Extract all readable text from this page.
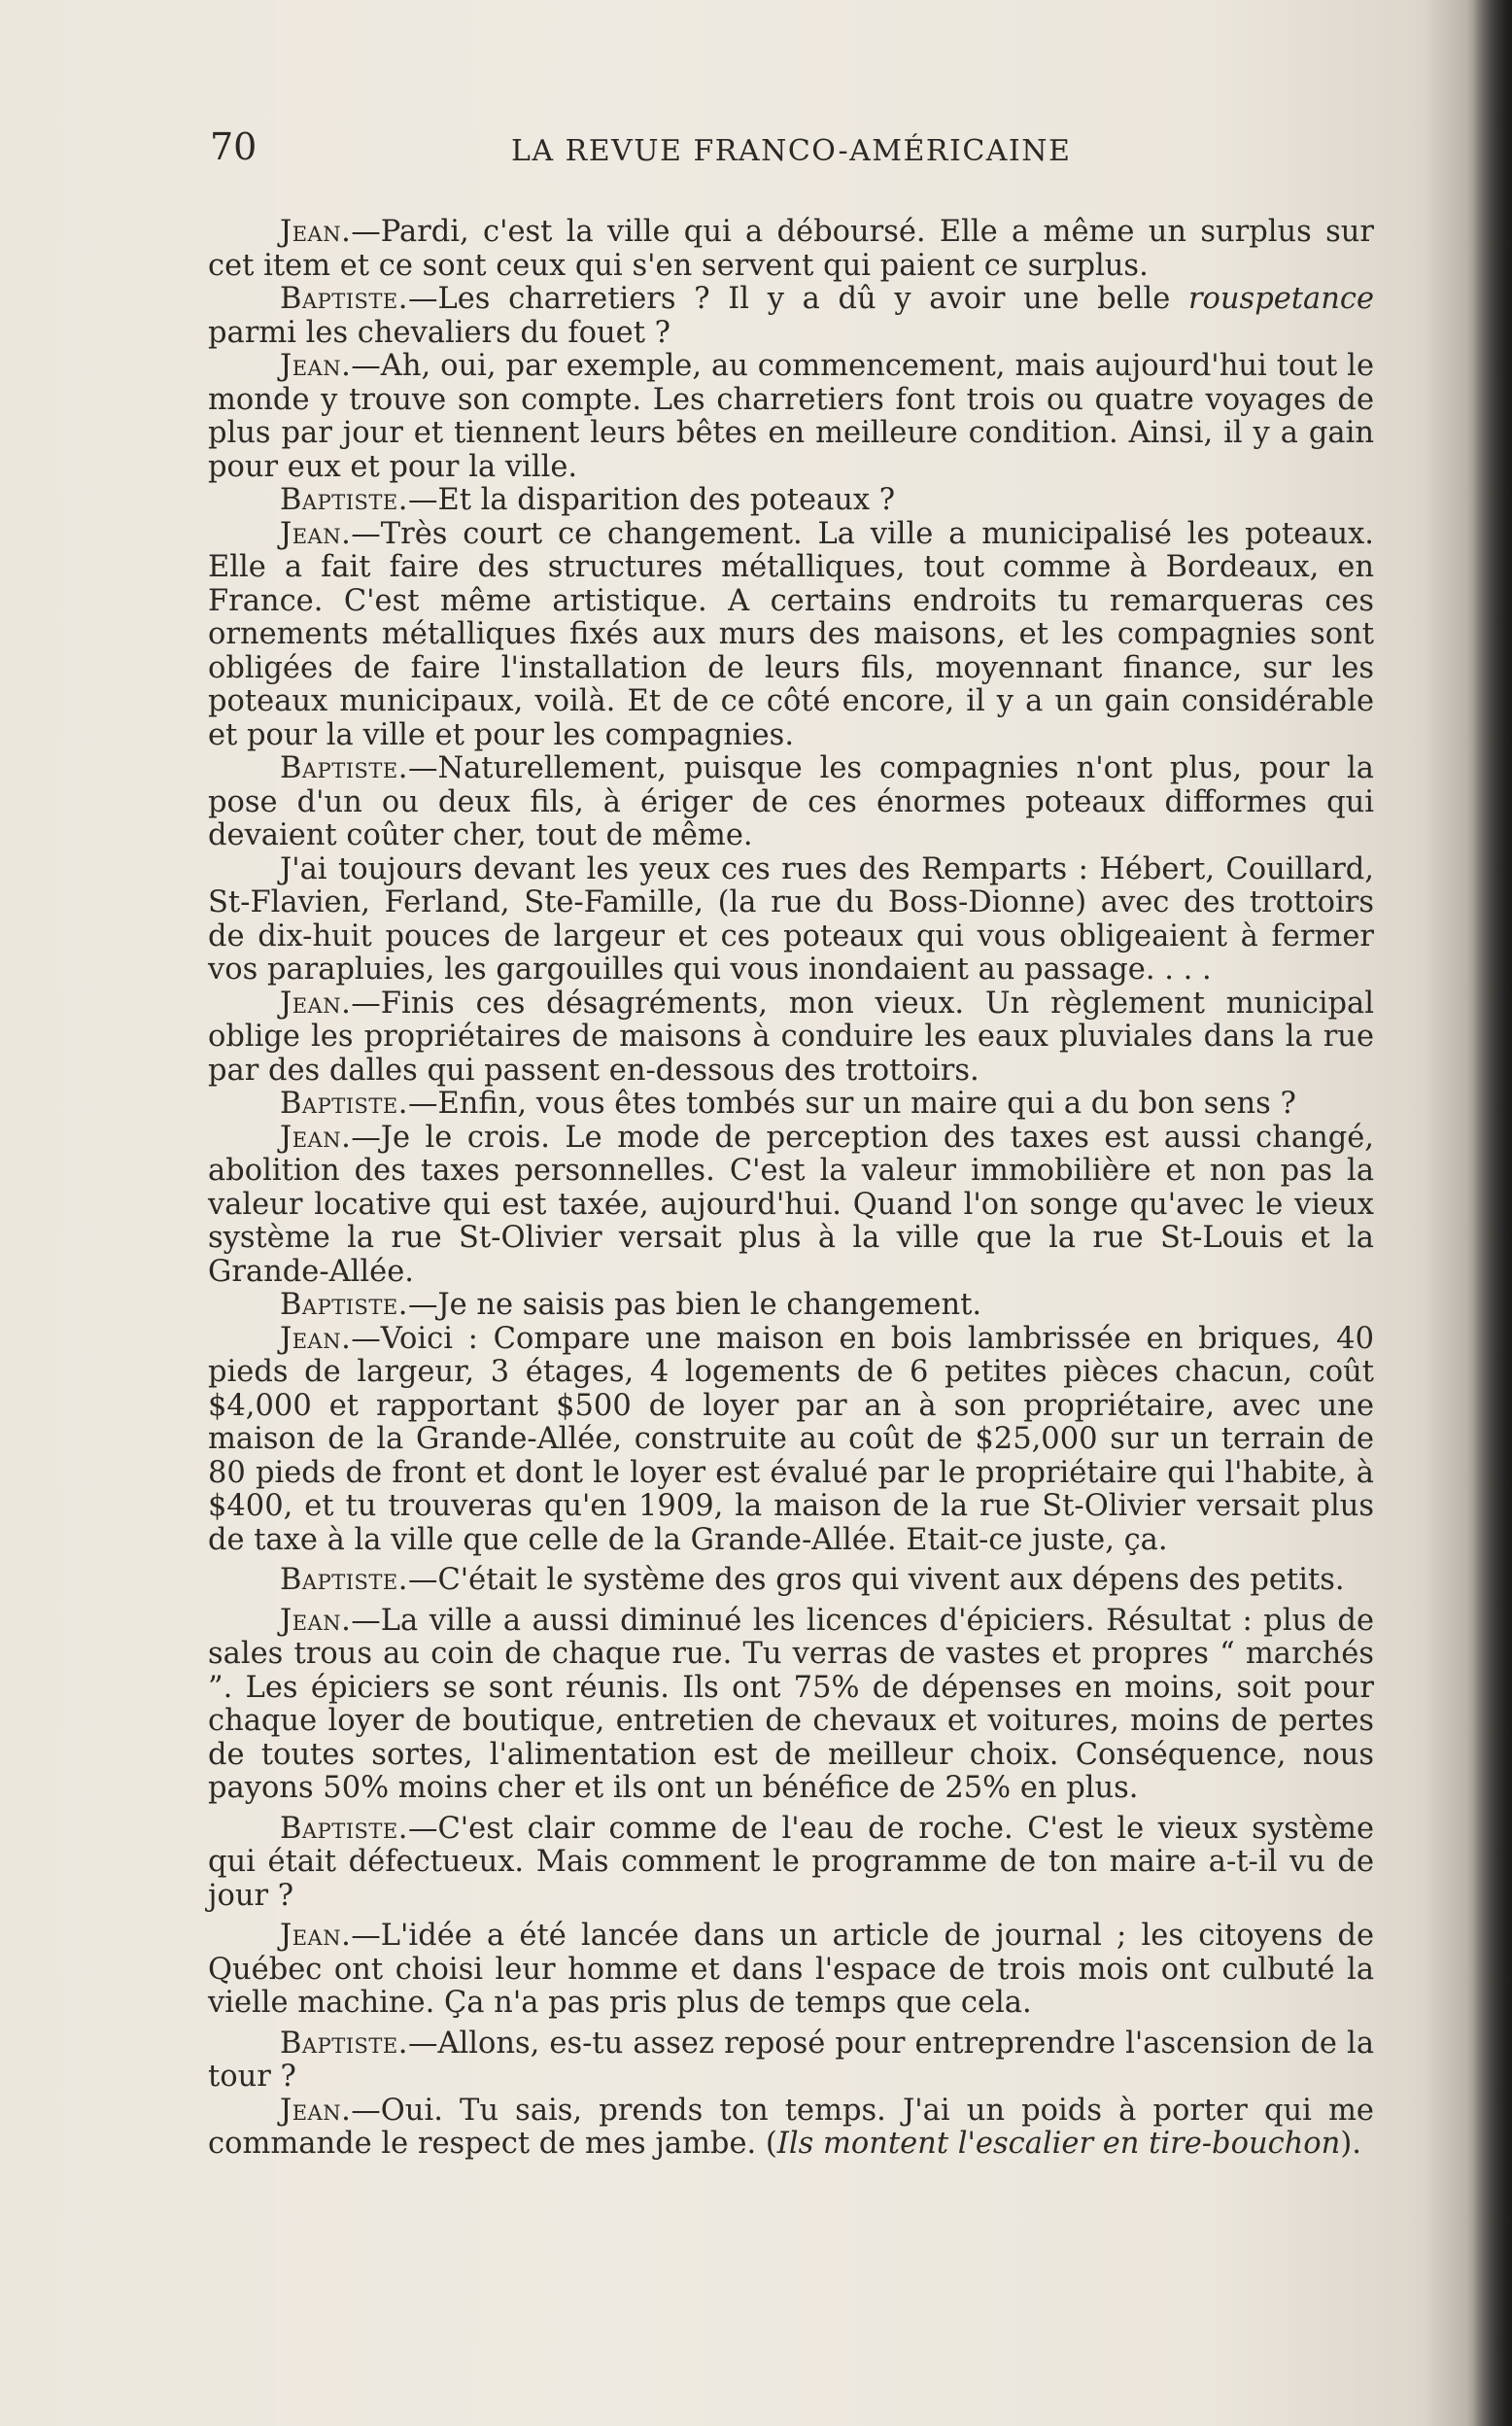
70	LA REVUE FRANCO-AMÉRICAINE

Jean.—Pardi, c'est la ville qui a déboursé. Elle a même un surplus sur cet item et ce sont ceux qui s'en servent qui paient ce surplus.

Baptiste.—Les charretiers ? Il y a dû y avoir une belle rouspetance parmi les chevaliers du fouet ?

Jean.—Ah, oui, par exemple, au commencement, mais aujourd'hui tout le monde y trouve son compte. Les charretiers font trois ou quatre voyages de plus par jour et tiennent leurs bêtes en meilleure condition. Ainsi, il y a gain pour eux et pour la ville.

Baptiste.—Et la disparition des poteaux ?

Jean.—Très court ce changement. La ville a municipalisé les poteaux. Elle a fait faire des structures métalliques, tout comme à Bordeaux, en France. C'est même artistique. A certains endroits tu remarqueras ces ornements métalliques fixés aux murs des maisons, et les compagnies sont obligées de faire l'installation de leurs fils, moyennant finance, sur les poteaux municipaux, voilà. Et de ce côté encore, il y a un gain considérable et pour la ville et pour les compagnies.

Baptiste.—Naturellement, puisque les compagnies n'ont plus, pour la pose d'un ou deux fils, à ériger de ces énormes poteaux difformes qui devaient coûter cher, tout de même.

J'ai toujours devant les yeux ces rues des Remparts : Hébert, Couillard, St-Flavien, Ferland, Ste-Famille, (la rue du Boss-Dionne) avec des trottoirs de dix-huit pouces de largeur et ces poteaux qui vous obligeaient à fermer vos parapluies, les gargouilles qui vous inondaient au passage. . . .

Jean.—Finis ces désagréments, mon vieux. Un règlement municipal oblige les propriétaires de maisons à conduire les eaux pluviales dans la rue par des dalles qui passent en-dessous des trottoirs.

Baptiste.—Enfin, vous êtes tombés sur un maire qui a du bon sens ?

Jean.—Je le crois. Le mode de perception des taxes est aussi changé, abolition des taxes personnelles. C'est la valeur immobilière et non pas la valeur locative qui est taxée, aujourd'hui. Quand l'on songe qu'avec le vieux système la rue St-Olivier versait plus à la ville que la rue St-Louis et la Grande-Allée.

Baptiste.—Je ne saisis pas bien le changement.

Jean.—Voici : Compare une maison en bois lambrissée en briques, 40 pieds de largeur, 3 étages, 4 logements de 6 petites pièces chacun, coût $4,000 et rapportant $500 de loyer par an à son propriétaire, avec une maison de la Grande-Allée, construite au coût de $25,000 sur un terrain de 80 pieds de front et dont le loyer est évalué par le propriétaire qui l'habite, à $400, et tu trouveras qu'en 1909, la maison de la rue St-Olivier versait plus de taxe à la ville que celle de la Grande-Allée. Etait-ce juste, ça.

Baptiste.—C'était le système des gros qui vivent aux dépens des petits.

Jean.—La ville a aussi diminué les licences d'épiciers. Résultat : plus de sales trous au coin de chaque rue. Tu verras de vastes et propres “ marchés ”. Les épiciers se sont réunis. Ils ont 75% de dépenses en moins, soit pour chaque loyer de boutique, entretien de chevaux et voitures, moins de pertes de toutes sortes, l'alimentation est de meilleur choix. Conséquence, nous payons 50% moins cher et ils ont un bénéfice de 25% en plus.

Baptiste.—C'est clair comme de l'eau de roche. C'est le vieux système qui était défectueux. Mais comment le programme de ton maire a-t-il vu de jour ?

Jean.—L'idée a été lancée dans un article de journal ; les citoyens de Québec ont choisi leur homme et dans l'espace de trois mois ont culbuté la vielle machine. Ça n'a pas pris plus de temps que cela.

Baptiste.—Allons, es-tu assez reposé pour entreprendre l'ascension de la tour ?

Jean.—Oui. Tu sais, prends ton temps. J'ai un poids à porter qui me commande le respect de mes jambe. (Ils montent l'escalier en tire-bouchon).
